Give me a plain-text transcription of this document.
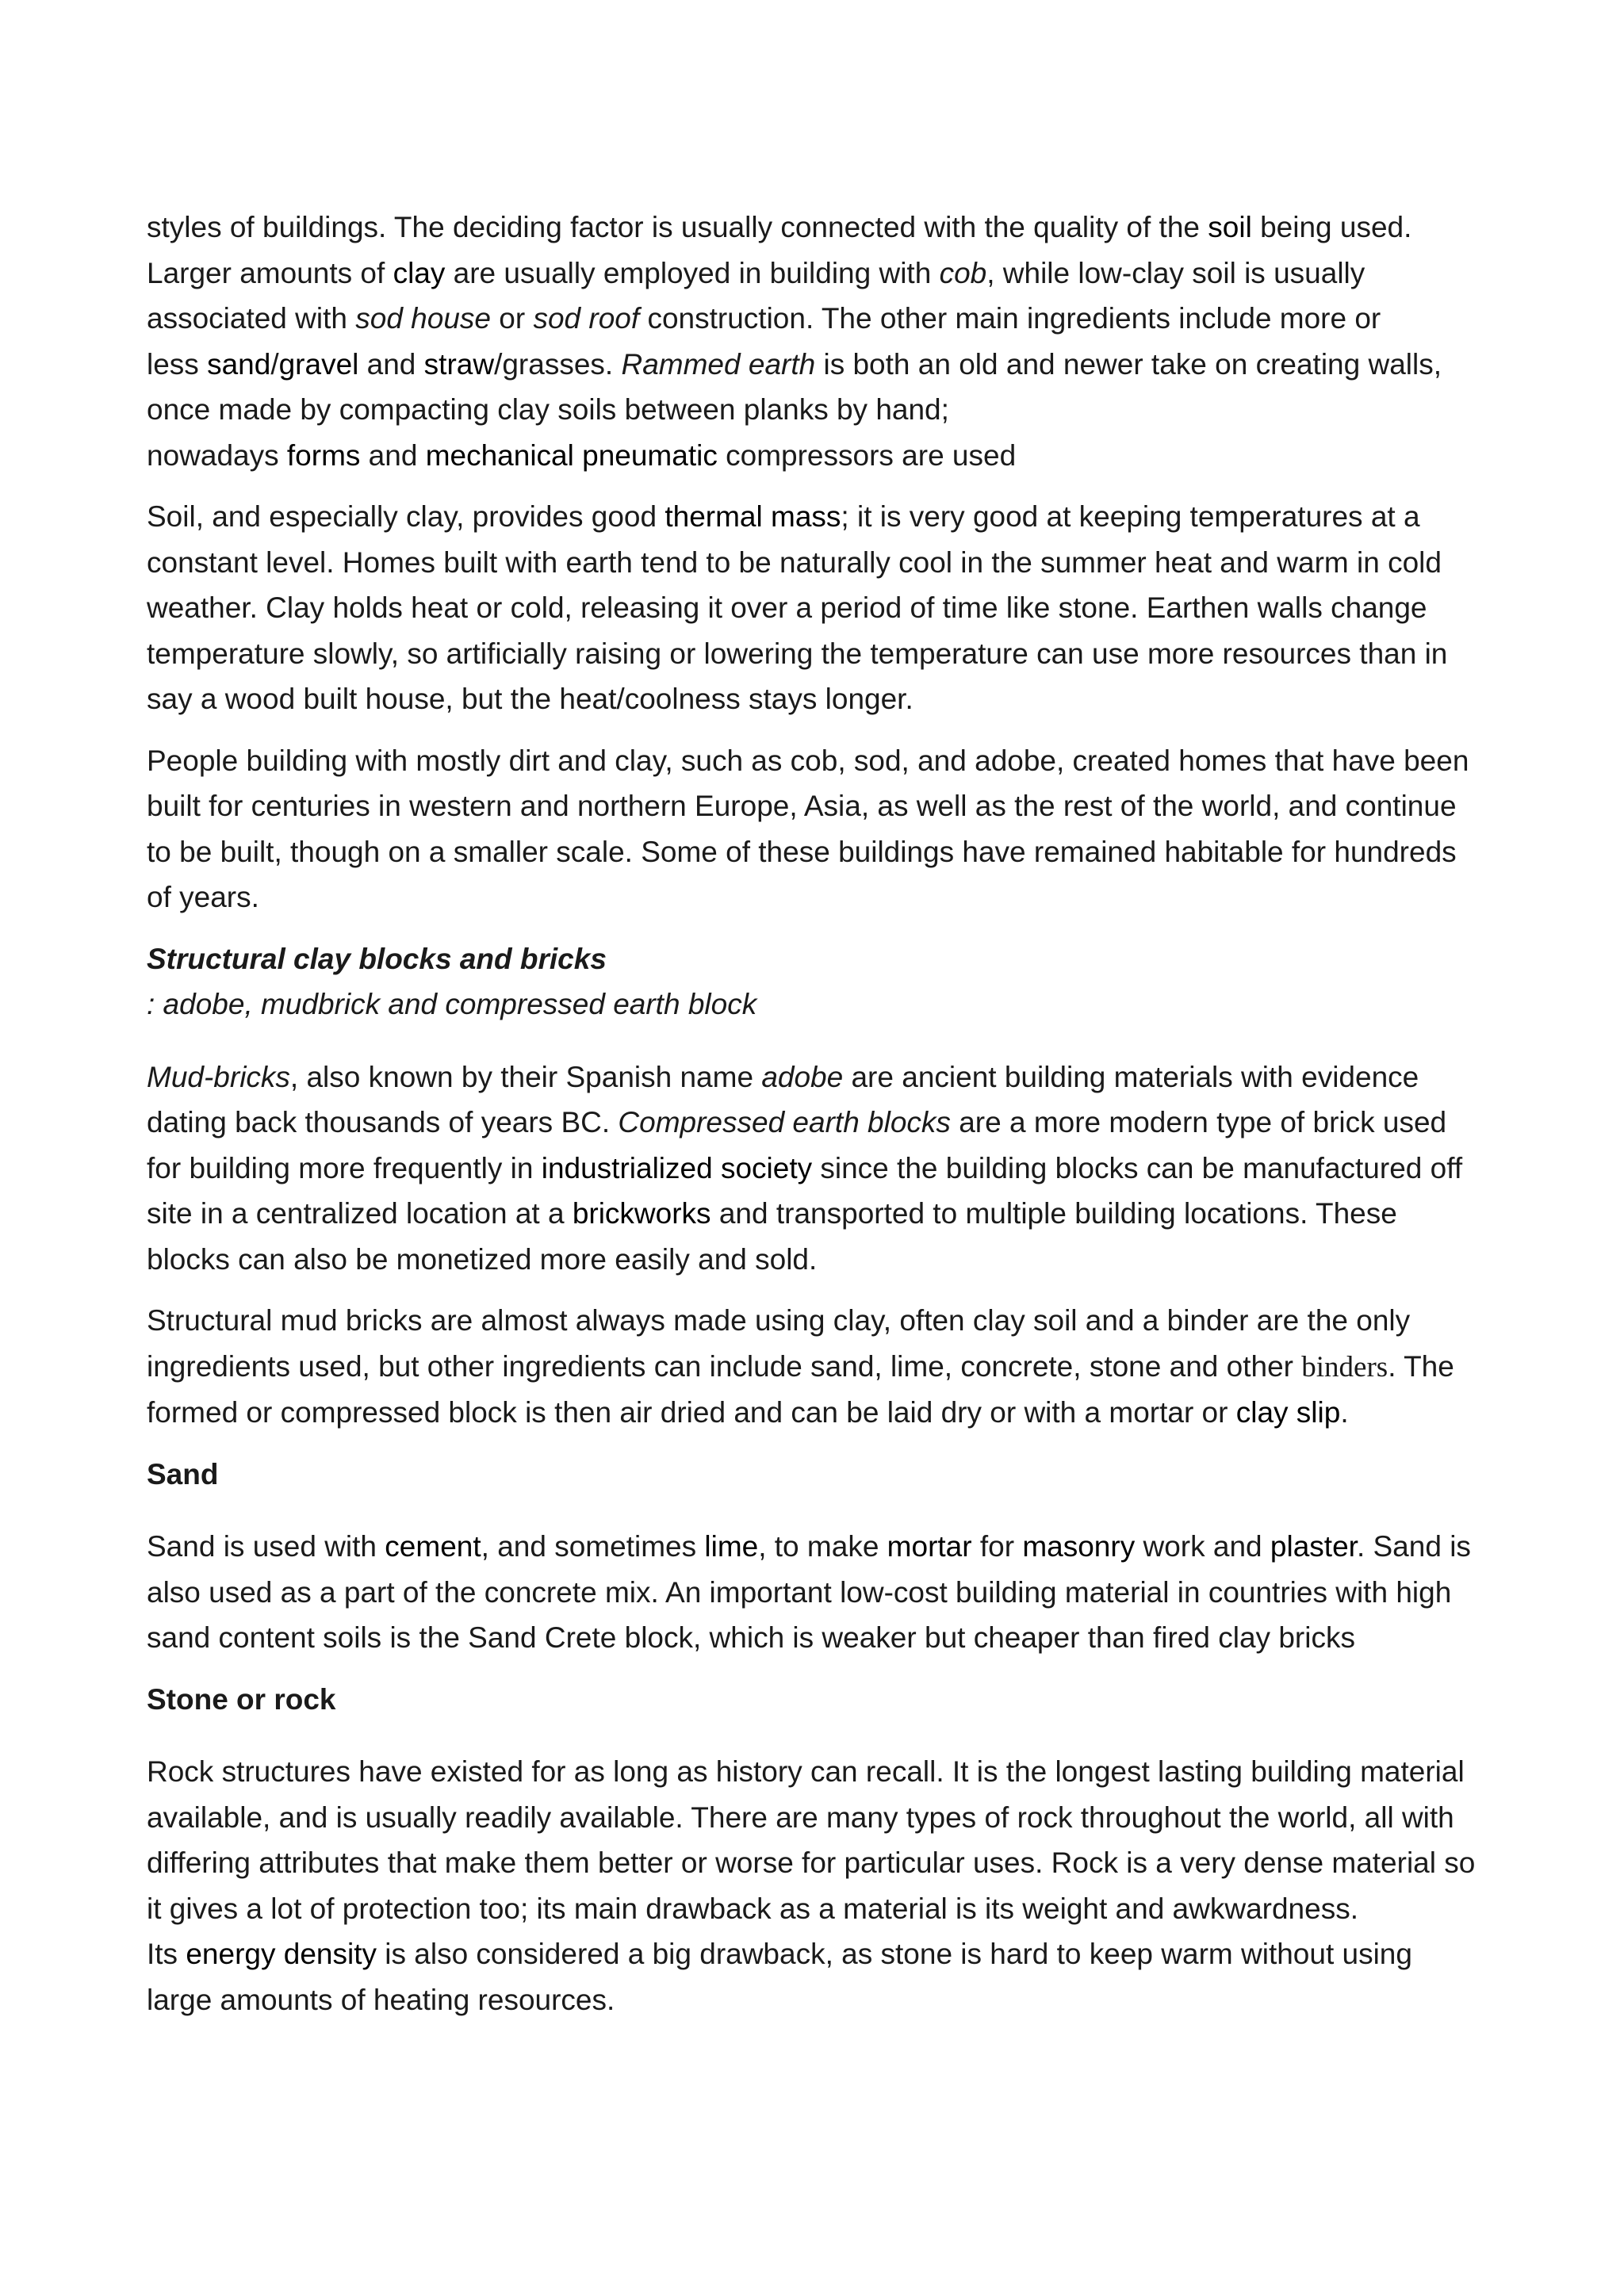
styles of buildings. The deciding factor is usually connected with the quality of the soil being used.
Larger amounts of clay are usually employed in building with cob, while low-clay soil is usually
associated with sod house or sod roof construction. The other main ingredients include more or
less sand/gravel and straw/grasses. Rammed earth is both an old and newer take on creating walls,
once made by compacting clay soils between planks by hand;
nowadays forms and mechanical pneumatic compressors are used
Soil, and especially clay, provides good thermal mass; it is very good at keeping temperatures at a
constant level. Homes built with earth tend to be naturally cool in the summer heat and warm in cold
weather. Clay holds heat or cold, releasing it over a period of time like stone. Earthen walls change
temperature slowly, so artificially raising or lowering the temperature can use more resources than in
say a wood built house, but the heat/coolness stays longer.
People building with mostly dirt and clay, such as cob, sod, and adobe, created homes that have been
built for centuries in western and northern Europe, Asia, as well as the rest of the world, and continue
to be built, though on a smaller scale. Some of these buildings have remained habitable for hundreds
of years.
Structural clay blocks and bricks
: adobe, mudbrick and compressed earth block
Mud-bricks, also known by their Spanish name adobe are ancient building materials with evidence
dating back thousands of years BC. Compressed earth blocks are a more modern type of brick used
for building more frequently in industrialized society since the building blocks can be manufactured off
site in a centralized location at a brickworks and transported to multiple building locations. These
blocks can also be monetized more easily and sold.
Structural mud bricks are almost always made using clay, often clay soil and a binder are the only
ingredients used, but other ingredients can include sand, lime, concrete, stone and other binders. The
formed or compressed block is then air dried and can be laid dry or with a mortar or clay slip.
Sand
Sand is used with cement, and sometimes lime, to make mortar for masonry work and plaster. Sand is
also used as a part of the concrete mix. An important low-cost building material in countries with high
sand content soils is the Sand Crete block, which is weaker but cheaper than fired clay bricks
Stone or rock
Rock structures have existed for as long as history can recall. It is the longest lasting building material
available, and is usually readily available. There are many types of rock throughout the world, all with
differing attributes that make them better or worse for particular uses. Rock is a very dense material so
it gives a lot of protection too; its main drawback as a material is its weight and awkwardness.
Its energy density is also considered a big drawback, as stone is hard to keep warm without using
large amounts of heating resources.
